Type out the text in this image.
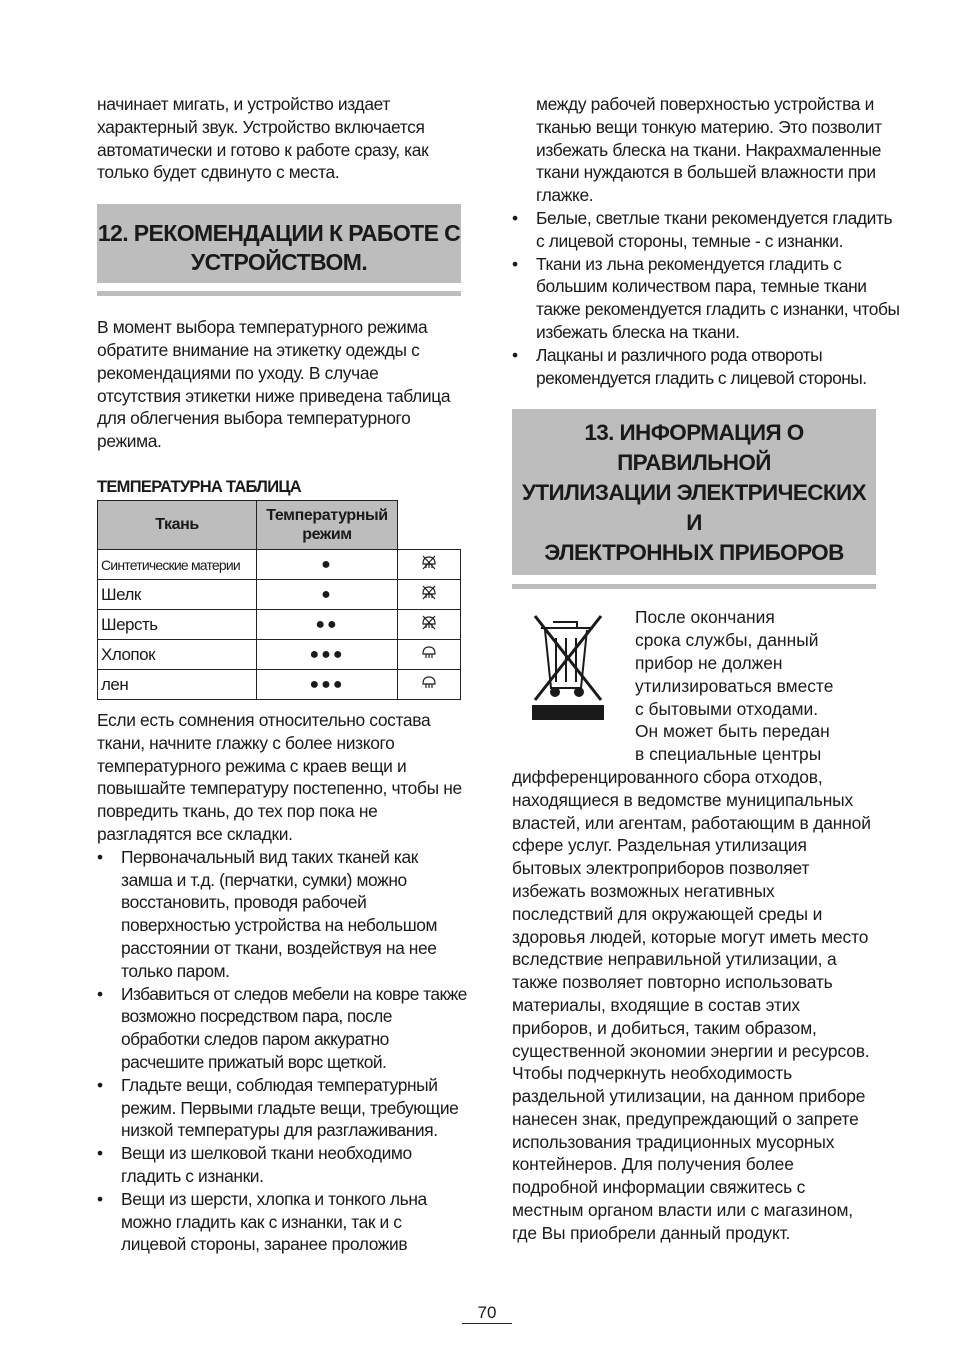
начинает мигать, и устройство издает характерный звук. Устройство включается автоматически и готово к работе сразу, как только будет сдвинуто с места.

12. РЕКОМЕНДАЦИИ К РАБОТЕ С
УСТРОЙСТВОМ.

В момент выбора температурного режима обратите внимание на этикетку одежды с рекомендациями по уходу. В случае отсутствия этикетки ниже приведена таблица для облегчения выбора температурного режима.

ТЕМПЕРАТУРНА ТАБЛИЦА

Ткань	Температурный
режим	

Синтетические материи	●	
Шелк	●	
Шерсть	●●	
Хлопок	●●●	
лен	●●●	

Если есть сомнения относительно состава ткани, начните глажку с более низкого температурного режима с краев вещи и повышайте температуру постепенно, чтобы не повредить ткань, до тех пор пока не разгладятся все складки.

• Первоначальный вид таких тканей как замша и т.д. (перчатки, сумки) можно восстановить, проводя рабочей поверхностью устройства на небольшом расстоянии от ткани, воздействуя на нее только паром.
• Избавиться от следов мебели на ковре также возможно посредством пара, после обработки следов паром аккуратно расчешите прижатый ворс щеткой.
• Гладьте вещи, соблюдая температурный режим. Первыми гладьте вещи, требующие низкой температуры для разглаживания.
• Вещи из шелковой ткани необходимо гладить с изнанки.
• Вещи из шерсти, хлопка и тонкого льна можно гладить как с изнанки, так и с лицевой стороны, заранее проложив

между рабочей поверхностью устройства и тканью вещи тонкую материю. Это позволит избежать блеска на ткани. Накрахмаленные ткани нуждаются в большей влажности при глажке.

• Белые, светлые ткани рекомендуется гладить с лицевой стороны, темные - с изнанки.
• Ткани из льна рекомендуется гладить с большим количеством пара, темные ткани также рекомендуется гладить с изнанки, чтобы избежать блеска на ткани.
• Лацканы и различного рода отвороты рекомендуется гладить с лицевой стороны.
13. ИНФОРМАЦИЯ О ПРАВИЛЬНОЙ
УТИЛИЗАЦИИ ЭЛЕКТРИЧЕСКИХ И
ЭЛЕКТРОННЫХ ПРИБОРОВ
После окончания
срока службы, данный
прибор не должен
утилизироваться вместе
с бытовыми отходами.
Он может быть передан
в специальные центры

дифференцированного сбора отходов, находящиеся в ведомстве муниципальных властей, или агентам, работающим в данной сфере услуг. Раздельная утилизация бытовых электроприборов позволяет избежать возможных негативных последствий для окружающей среды и здоровья людей, которые могут иметь место вследствие неправильной утилизации, а также позволяет повторно использовать материалы, входящие в состав этих приборов, и добиться, таким образом, существенной экономии энергии и ресурсов. Чтобы подчеркнуть необходимость раздельной утилизации, на данном приборе нанесен знак, предупреждающий о запрете использования традиционных мусорных контейнеров. Для получения более подробной информации свяжитесь с местным органом власти или с магазином, где Вы приобрели данный продукт.

70
